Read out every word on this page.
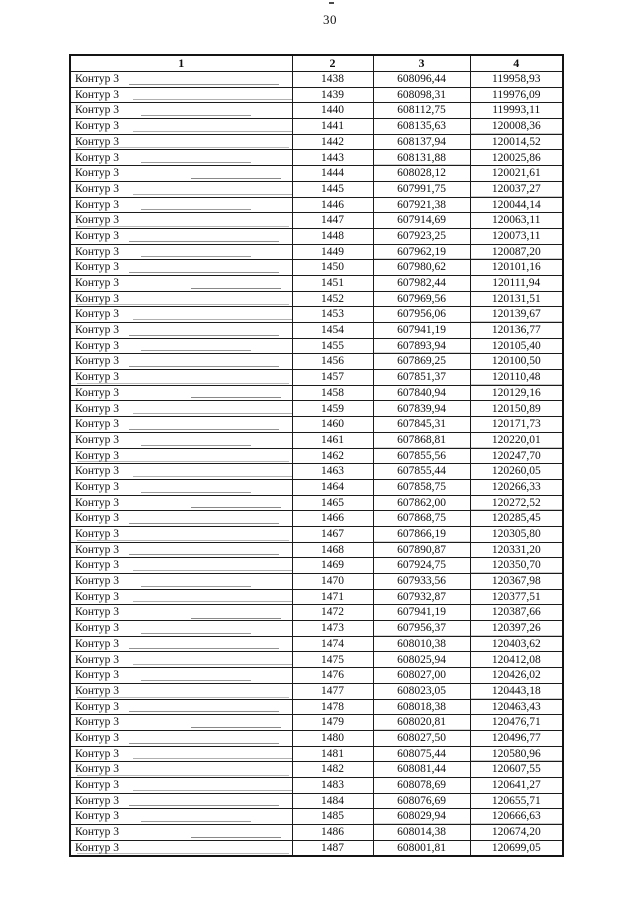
30
1	2	3	4
Контур 3	1438	608096,44	119958,93
Контур 3	1439	608098,31	119976,09
Контур 3	1440	608112,75	119993,11
Контур 3	1441	608135,63	120008,36
Контур 3	1442	608137,94	120014,52
Контур 3	1443	608131,88	120025,86
Контур 3	1444	608028,12	120021,61
Контур 3	1445	607991,75	120037,27
Контур 3	1446	607921,38	120044,14
Контур 3	1447	607914,69	120063,11
Контур 3	1448	607923,25	120073,11
Контур 3	1449	607962,19	120087,20
Контур 3	1450	607980,62	120101,16
Контур 3	1451	607982,44	120111,94
Контур 3	1452	607969,56	120131,51
Контур 3	1453	607956,06	120139,67
Контур 3	1454	607941,19	120136,77
Контур 3	1455	607893,94	120105,40
Контур 3	1456	607869,25	120100,50
Контур 3	1457	607851,37	120110,48
Контур 3	1458	607840,94	120129,16
Контур 3	1459	607839,94	120150,89
Контур 3	1460	607845,31	120171,73
Контур 3	1461	607868,81	120220,01
Контур 3	1462	607855,56	120247,70
Контур 3	1463	607855,44	120260,05
Контур 3	1464	607858,75	120266,33
Контур 3	1465	607862,00	120272,52
Контур 3	1466	607868,75	120285,45
Контур 3	1467	607866,19	120305,80
Контур 3	1468	607890,87	120331,20
Контур 3	1469	607924,75	120350,70
Контур 3	1470	607933,56	120367,98
Контур 3	1471	607932,87	120377,51
Контур 3	1472	607941,19	120387,66
Контур 3	1473	607956,37	120397,26
Контур 3	1474	608010,38	120403,62
Контур 3	1475	608025,94	120412,08
Контур 3	1476	608027,00	120426,02
Контур 3	1477	608023,05	120443,18
Контур 3	1478	608018,38	120463,43
Контур 3	1479	608020,81	120476,71
Контур 3	1480	608027,50	120496,77
Контур 3	1481	608075,44	120580,96
Контур 3	1482	608081,44	120607,55
Контур 3	1483	608078,69	120641,27
Контур 3	1484	608076,69	120655,71
Контур 3	1485	608029,94	120666,63
Контур 3	1486	608014,38	120674,20
Контур 3	1487	608001,81	120699,05
